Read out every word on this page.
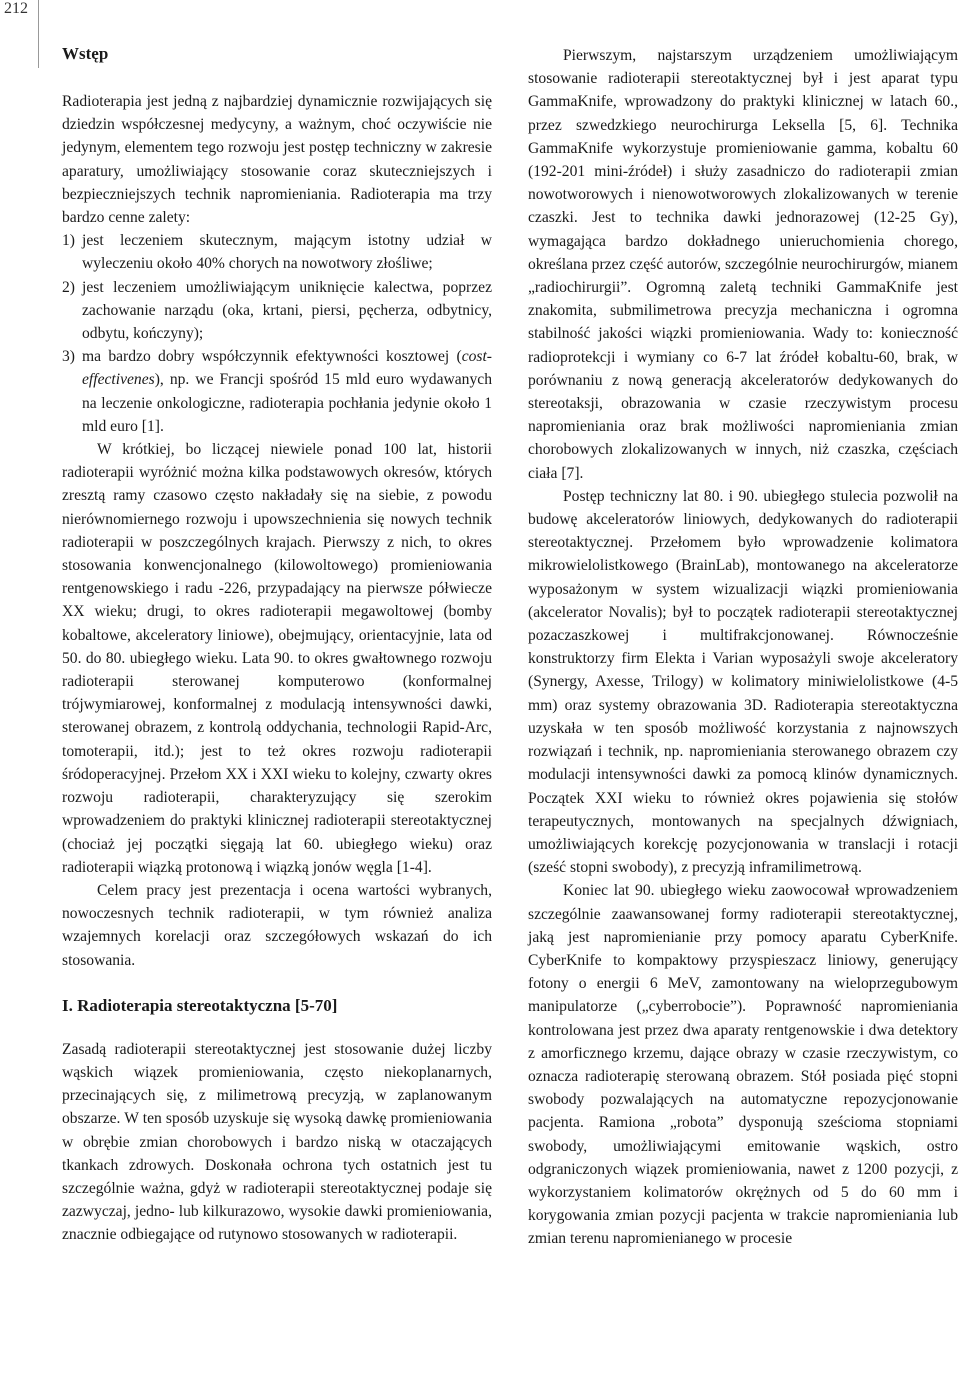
212
Wstęp

Radioterapia jest jedną z najbardziej dynamicznie rozwijających się dziedzin współczesnej medycyny, a ważnym, choć oczywiście nie jedynym, elementem tego rozwoju jest postęp techniczny w zakresie aparatury, umożliwiający stosowanie coraz skuteczniejszych i bezpieczniejszych technik napromieniania. Radioterapia ma trzy bardzo cenne zalety:

1) jest leczeniem skutecznym, mającym istotny udział w wyleczeniu około 40% chorych na nowotwory złośliwe;
2) jest leczeniem umożliwiającym uniknięcie kalectwa, poprzez zachowanie narządu (oka, krtani, piersi, pęcherza, odbytnicy, odbytu, kończyny);
3) ma bardzo dobry współczynnik efektywności kosztowej (cost-effectivenes), np. we Francji spośród 15 mld euro wydawanych na leczenie onkologiczne, radioterapia pochłania jedynie około 1 mld euro [1].

W krótkiej, bo liczącej niewiele ponad 100 lat, historii radioterapii wyróżnić można kilka podstawowych okresów, których zresztą ramy czasowo często nakładały się na siebie, z powodu nierównomiernego rozwoju i upowszechnienia się nowych technik radioterapii w poszczególnych krajach. Pierwszy z nich, to okres stosowania konwencjonalnego (kilowoltowego) promieniowania rentgenowskiego i radu -226, przypadający na pierwsze półwiecze XX wieku; drugi, to okres radioterapii megawoltowej (bomby kobaltowe, akceleratory liniowe), obejmujący, orientacyjnie, lata od 50. do 80. ubiegłego wieku. Lata 90. to okres gwałtownego rozwoju radioterapii sterowanej komputerowo (konformalnej trójwymiarowej, konformalnej z modulacją intensywności dawki, sterowanej obrazem, z kontrolą oddychania, technologii Rapid-Arc, tomoterapii, itd.); jest to też okres rozwoju radioterapii śródoperacyjnej. Przełom XX i XXI wieku to kolejny, czwarty okres rozwoju radioterapii, charakteryzujący się szerokim wprowadzeniem do praktyki klinicznej radioterapii stereotaktycznej (chociaż jej początki sięgają lat 60. ubiegłego wieku) oraz radioterapii wiązką protonową i wiązką jonów węgla [1-4].

Celem pracy jest prezentacja i ocena wartości wybranych, nowoczesnych technik radioterapii, w tym również analiza wzajemnych korelacji oraz szczegółowych wskazań do ich stosowania.

I. Radioterapia stereotaktyczna [5-70]

Zasadą radioterapii stereotaktycznej jest stosowanie dużej liczby wąskich wiązek promieniowania, często niekoplanarnych, przecinających się, z milimetrową precyzją, w zaplanowanym obszarze. W ten sposób uzyskuje się wysoką dawkę promieniowania w obrębie zmian chorobowych i bardzo niską w otaczających tkankach zdrowych. Doskonała ochrona tych ostatnich jest tu szczególnie ważna, gdyż w radioterapii stereotaktycznej podaje się zazwyczaj, jedno- lub kilkurazowo, wysokie dawki promieniowania, znacznie odbiegające od rutynowo stosowanych w radioterapii.

Pierwszym, najstarszym urządzeniem umożliwiającym stosowanie radioterapii stereotaktycznej był i jest aparat typu GammaKnife, wprowadzony do praktyki klinicznej w latach 60., przez szwedzkiego neurochirurga Leksella [5, 6]. Technika GammaKnife wykorzystuje promieniowanie gamma, kobaltu 60 (192-201 mini-źródeł) i służy zasadniczo do radioterapii zmian nowotworowych i nienowotworowych zlokalizowanych w terenie czaszki. Jest to technika dawki jednorazowej (12-25 Gy), wymagająca bardzo dokładnego unieruchomienia chorego, określana przez część autorów, szczególnie neurochirurgów, mianem „radiochirurgii”. Ogromną zaletą techniki GammaKnife jest znakomita, submilimetrowa precyzja mechaniczna i ogromna stabilność jakości wiązki promieniowania. Wady to: konieczność radioprotekcji i wymiany co 6-7 lat źródeł kobaltu-60, brak, w porównaniu z nową generacją akceleratorów dedykowanych do stereotaksji, obrazowania w czasie rzeczywistym procesu napromieniania oraz brak możliwości napromieniania zmian chorobowych zlokalizowanych w innych, niż czaszka, częściach ciała [7].

Postęp techniczny lat 80. i 90. ubiegłego stulecia pozwolił na budowę akceleratorów liniowych, dedykowanych do radioterapii stereotaktycznej. Przełomem było wprowadzenie kolimatora mikrowielolistkowego (BrainLab), montowanego na akceleratorze wyposażonym w system wizualizacji wiązki promieniowania (akcelerator Novalis); był to początek radioterapii stereotaktycznej pozaczaszkowej i multifrakcjonowanej. Równocześnie konstruktorzy firm Elekta i Varian wyposażyli swoje akceleratory (Synergy, Axesse, Trilogy) w kolimatory miniwielolistkowe (4-5 mm) oraz systemy obrazowania 3D. Radioterapia stereotaktyczna uzyskała w ten sposób możliwość korzystania z najnowszych rozwiązań i technik, np. napromieniania sterowanego obrazem czy modulacji intensywności dawki za pomocą klinów dynamicznych. Początek XXI wieku to również okres pojawienia się stołów terapeutycznych, montowanych na specjalnych dźwigniach, umożliwiających korekcję pozycjonowania w translacji i rotacji (sześć stopni swobody), z precyzją inframilimetrową.

Koniec lat 90. ubiegłego wieku zaowocował wprowadzeniem szczególnie zaawansowanej formy radioterapii stereotaktycznej, jaką jest napromienianie przy pomocy aparatu CyberKnife. CyberKnife to kompaktowy przyspieszacz liniowy, generujący fotony o energii 6 MeV, zamontowany na wieloprzegubowym manipulatorze („cyberrobocie”). Poprawność napromieniania kontrolowana jest przez dwa aparaty rentgenowskie i dwa detektory z amorficznego krzemu, dające obrazy w czasie rzeczywistym, co oznacza radioterapię sterowaną obrazem. Stół posiada pięć stopni swobody pozwalających na automatyczne repozycjonowanie pacjenta. Ramiona „robota” dysponują sześcioma stopniami swobody, umożliwiającymi emitowanie wąskich, ostro odgraniczonych wiązek promieniowania, nawet z 1200 pozycji, z wykorzystaniem kolimatorów okrężnych od 5 do 60 mm i korygowania zmian pozycji pacjenta w trakcie napromieniania lub zmian terenu napromienianego w procesie
